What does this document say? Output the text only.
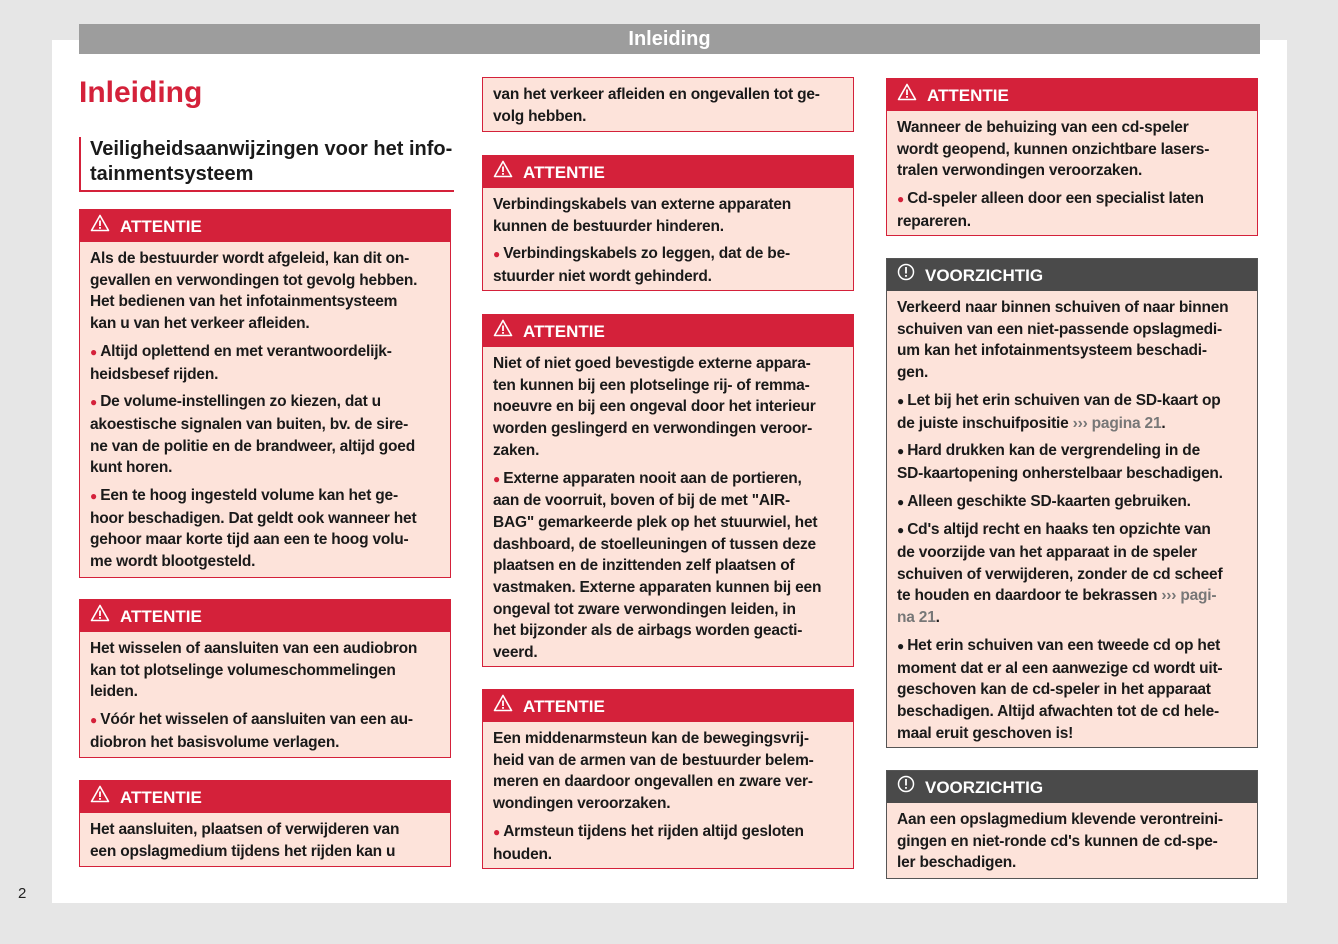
Inleiding
2
Inleiding
Veiligheidsaanwijzingen voor het info-
tainmentsysteem
ATTENTIE
Als de bestuurder wordt afgeleid, kan dit on-
gevallen en verwondingen tot gevolg hebben.
Het bedienen van het infotainmentsysteem
kan u van het verkeer afleiden.
● Altijd oplettend en met verantwoordelijk-
heidsbesef rijden.
● De volume-instellingen zo kiezen, dat u
akoestische signalen van buiten, bv. de sire-
ne van de politie en de brandweer, altijd goed
kunt horen.
● Een te hoog ingesteld volume kan het ge-
hoor beschadigen. Dat geldt ook wanneer het
gehoor maar korte tijd aan een te hoog volu-
me wordt blootgesteld.
ATTENTIE
Het wisselen of aansluiten van een audiobron
kan tot plotselinge volumeschommelingen
leiden.
● Vóór het wisselen of aansluiten van een au-
diobron het basisvolume verlagen.
ATTENTIE
Het aansluiten, plaatsen of verwijderen van
een opslagmedium tijdens het rijden kan u
van het verkeer afleiden en ongevallen tot ge-
volg hebben.
ATTENTIE
Verbindingskabels van externe apparaten
kunnen de bestuurder hinderen.
● Verbindingskabels zo leggen, dat de be-
stuurder niet wordt gehinderd.
ATTENTIE
Niet of niet goed bevestigde externe appara-
ten kunnen bij een plotselinge rij- of remma-
noeuvre en bij een ongeval door het interieur
worden geslingerd en verwondingen veroor-
zaken.
● Externe apparaten nooit aan de portieren,
aan de voorruit, boven of bij de met "AIR-
BAG" gemarkeerde plek op het stuurwiel, het
dashboard, de stoelleuningen of tussen deze
plaatsen en de inzittenden zelf plaatsen of
vastmaken. Externe apparaten kunnen bij een
ongeval tot zware verwondingen leiden, in
het bijzonder als de airbags worden geacti-
veerd.
ATTENTIE
Een middenarmsteun kan de bewegingsvrij-
heid van de armen van de bestuurder belem-
meren en daardoor ongevallen en zware ver-
wondingen veroorzaken.
● Armsteun tijdens het rijden altijd gesloten
houden.
ATTENTIE
Wanneer de behuizing van een cd-speler
wordt geopend, kunnen onzichtbare lasers-
tralen verwondingen veroorzaken.
● Cd-speler alleen door een specialist laten
repareren.
VOORZICHTIG
Verkeerd naar binnen schuiven of naar binnen
schuiven van een niet-passende opslagmedi-
um kan het infotainmentsysteem beschadi-
gen.
● Let bij het erin schuiven van de SD-kaart op
de juiste inschuifpositie ››› pagina 21.
● Hard drukken kan de vergrendeling in de
SD-kaartopening onherstelbaar beschadigen.
● Alleen geschikte SD-kaarten gebruiken.
● Cd's altijd recht en haaks ten opzichte van
de voorzijde van het apparaat in de speler
schuiven of verwijderen, zonder de cd scheef
te houden en daardoor te bekrassen ››› pagi-
na 21.
● Het erin schuiven van een tweede cd op het
moment dat er al een aanwezige cd wordt uit-
geschoven kan de cd-speler in het apparaat
beschadigen. Altijd afwachten tot de cd hele-
maal eruit geschoven is!
VOORZICHTIG
Aan een opslagmedium klevende verontreini-
gingen en niet-ronde cd's kunnen de cd-spe-
ler beschadigen.
